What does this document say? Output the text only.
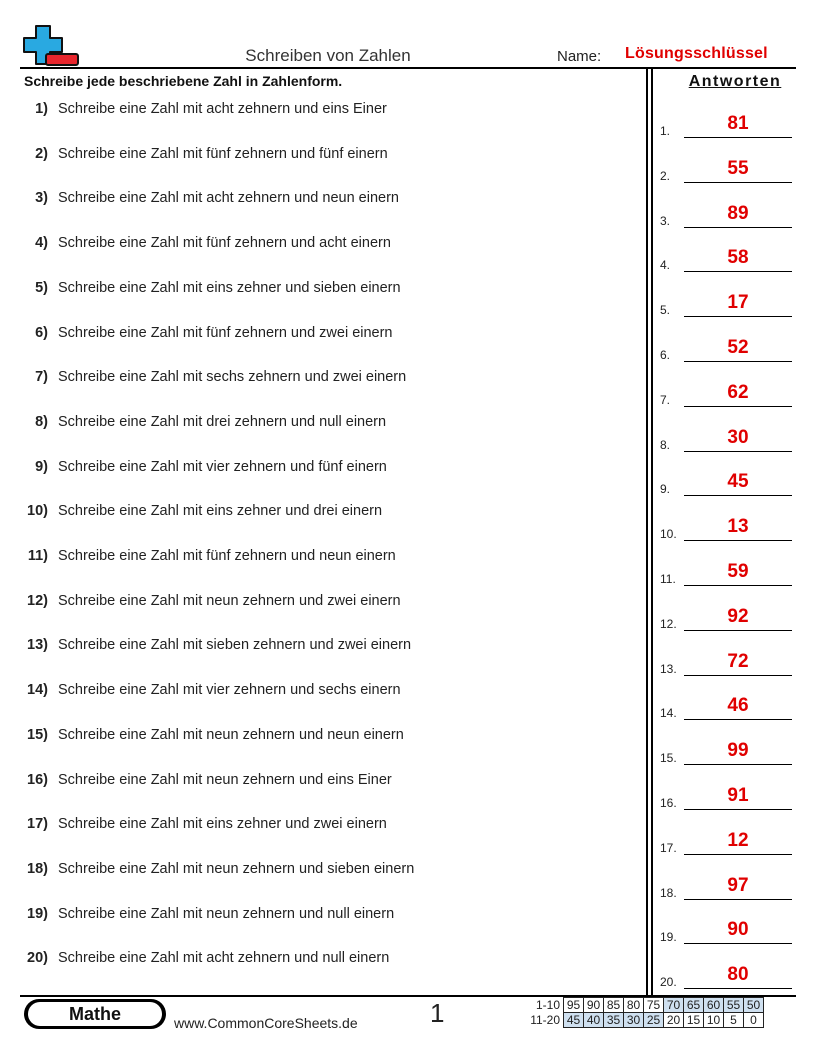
Schreiben von Zahlen	Name: Lösungsschlüssel
Schreibe jede beschriebene Zahl in Zahlenform.	Antworten
1) Schreibe eine Zahl mit acht zehnern und eins Einer
2) Schreibe eine Zahl mit fünf zehnern und fünf einern
3) Schreibe eine Zahl mit acht zehnern und neun einern
4) Schreibe eine Zahl mit fünf zehnern und acht einern
5) Schreibe eine Zahl mit eins zehner und sieben einern
6) Schreibe eine Zahl mit fünf zehnern und zwei einern
7) Schreibe eine Zahl mit sechs zehnern und zwei einern
8) Schreibe eine Zahl mit drei zehnern und null einern
9) Schreibe eine Zahl mit vier zehnern und fünf einern
10) Schreibe eine Zahl mit eins zehner und drei einern
11) Schreibe eine Zahl mit fünf zehnern und neun einern
12) Schreibe eine Zahl mit neun zehnern und zwei einern
13) Schreibe eine Zahl mit sieben zehnern und zwei einern
14) Schreibe eine Zahl mit vier zehnern und sechs einern
15) Schreibe eine Zahl mit neun zehnern und neun einern
16) Schreibe eine Zahl mit neun zehnern und eins Einer
17) Schreibe eine Zahl mit eins zehner und zwei einern
18) Schreibe eine Zahl mit neun zehnern und sieben einern
19) Schreibe eine Zahl mit neun zehnern und null einern
20) Schreibe eine Zahl mit acht zehnern und null einern
1.	81
2.	55
3.	89
4.	58
5.	17
6.	52
7.	62
8.	30
9.	45
10.	13
11.	59
12.	92
13.	72
14.	46
15.	99
16.	91
17.	12
18.	97
19.	90
20.	80
Mathe	www.CommonCoreSheets.de	1	1-10	95	90	85	80	75	70	65	60	55	50
11-20	45	40	35	30	25	20	15	10	5	0
